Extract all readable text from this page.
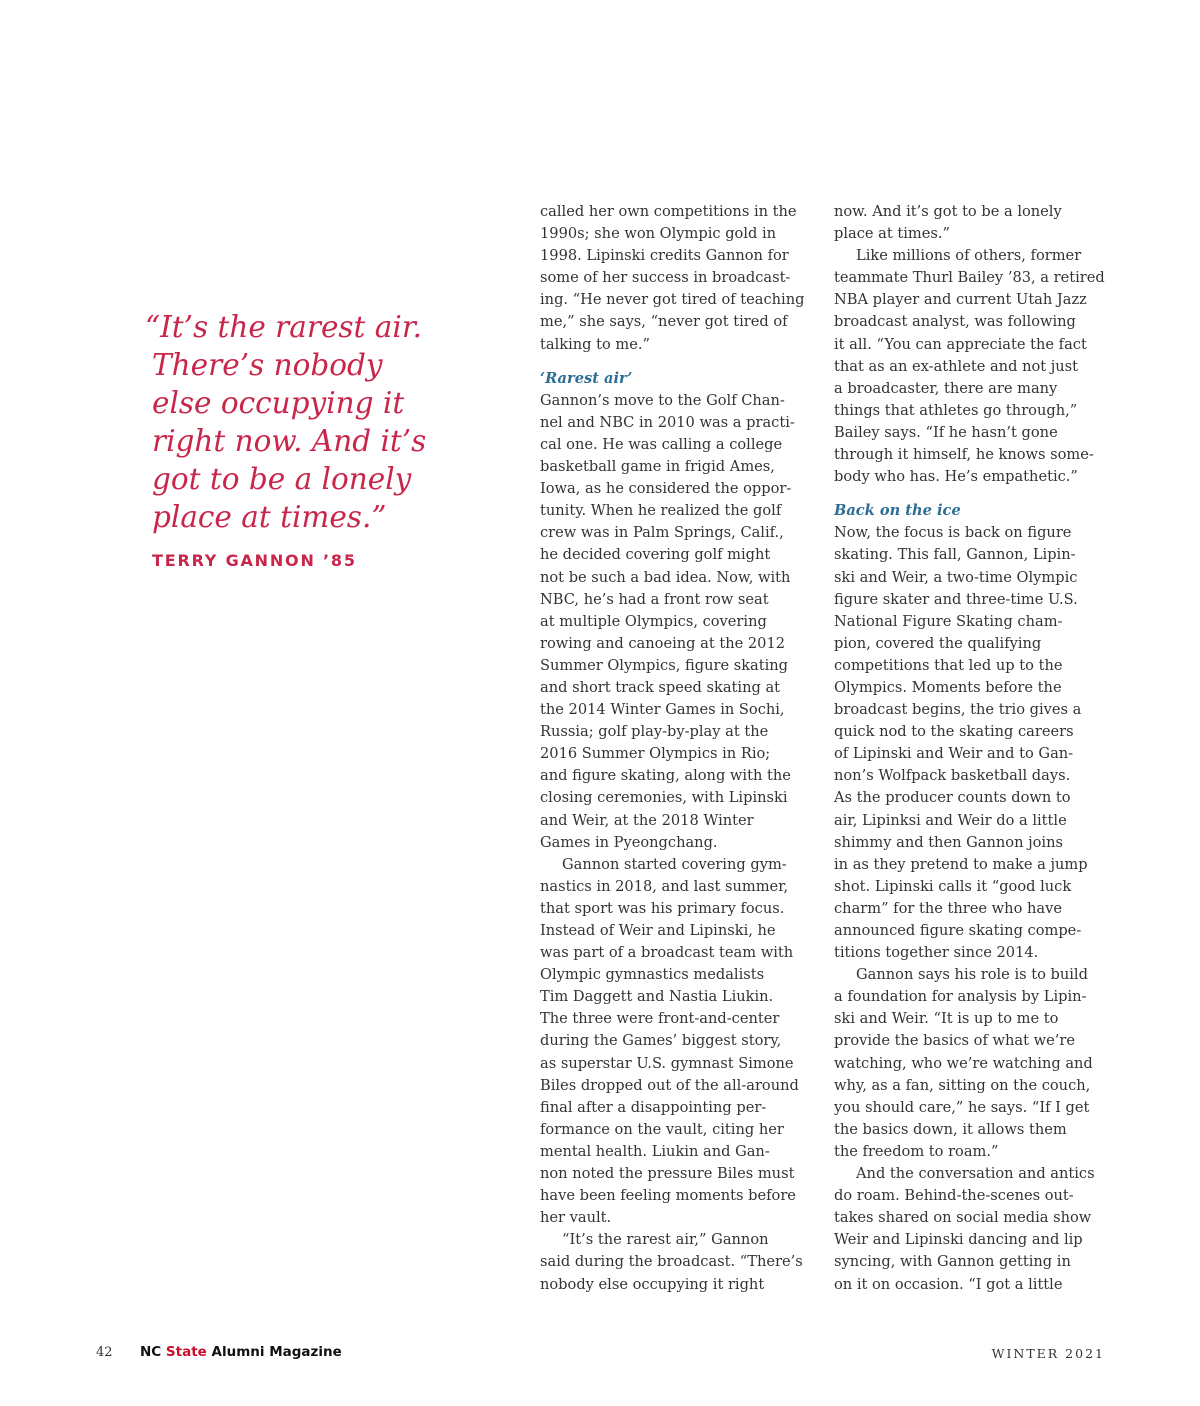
“It’s the rarest air.
There’s nobody
else occupying it
right now. And it’s
got to be a lonely
place at times.”
TERRY GANNON ’85
called her own competitions in the
1990s; she won Olympic gold in
1998. Lipinski credits Gannon for
some of her success in broadcast-
ing. “He never got tired of teaching
me,” she says, “never got tired of
talking to me.”
‘Rarest air’
Gannon’s move to the Golf Chan-
nel and NBC in 2010 was a practi-
cal one. He was calling a college
basketball game in frigid Ames,
Iowa, as he considered the oppor-
tunity. When he realized the golf
crew was in Palm Springs, Calif.,
he decided covering golf might
not be such a bad idea. Now, with
NBC, he’s had a front row seat
at multiple Olympics, covering
rowing and canoeing at the 2012
Summer Olympics, figure skating
and short track speed skating at
the 2014 Winter Games in Sochi,
Russia; golf play-by-play at the
2016 Summer Olympics in Rio;
and figure skating, along with the
closing ceremonies, with Lipinski
and Weir, at the 2018 Winter
Games in Pyeongchang.
Gannon started covering gym-
nastics in 2018, and last summer,
that sport was his primary focus.
Instead of Weir and Lipinski, he
was part of a broadcast team with
Olympic gymnastics medalists
Tim Daggett and Nastia Liukin.
The three were front-and-center
during the Games’ biggest story,
as superstar U.S. gymnast Simone
Biles dropped out of the all-around
final after a disappointing per-
formance on the vault, citing her
mental health. Liukin and Gan-
non noted the pressure Biles must
have been feeling moments before
her vault.
“It’s the rarest air,” Gannon
said during the broadcast. “There’s
nobody else occupying it right
now. And it’s got to be a lonely
place at times.”
Like millions of others, former
teammate Thurl Bailey ’83, a retired
NBA player and current Utah Jazz
broadcast analyst, was following
it all. “You can appreciate the fact
that as an ex-athlete and not just
a broadcaster, there are many
things that athletes go through,”
Bailey says. “If he hasn’t gone
through it himself, he knows some-
body who has. He’s empathetic.”
Back on the ice
Now, the focus is back on figure
skating. This fall, Gannon, Lipin-
ski and Weir, a two-time Olympic
figure skater and three-time U.S.
National Figure Skating cham-
pion, covered the qualifying
competitions that led up to the
Olympics. Moments before the
broadcast begins, the trio gives a
quick nod to the skating careers
of Lipinski and Weir and to Gan-
non’s Wolfpack basketball days.
As the producer counts down to
air, Lipinksi and Weir do a little
shimmy and then Gannon joins
in as they pretend to make a jump
shot. Lipinski calls it “good luck
charm” for the three who have
announced figure skating compe-
titions together since 2014.
Gannon says his role is to build
a foundation for analysis by Lipin-
ski and Weir. “It is up to me to
provide the basics of what we’re
watching, who we’re watching and
why, as a fan, sitting on the couch,
you should care,” he says. “If I get
the basics down, it allows them
the freedom to roam.”
And the conversation and antics
do roam. Behind-the-scenes out-
takes shared on social media show
Weir and Lipinski dancing and lip
syncing, with Gannon getting in
on it on occasion. “I got a little
42 NC State Alumni Magazine	WINTER 2021
